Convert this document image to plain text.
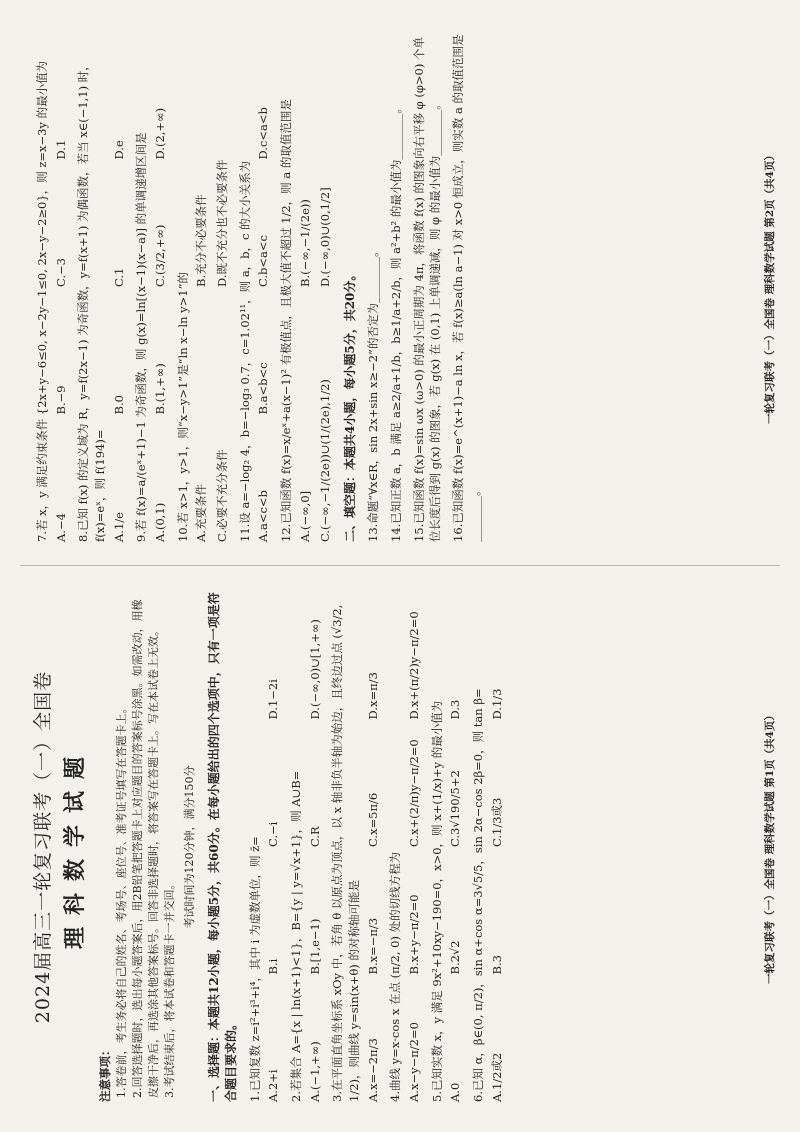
2024届高三一轮复习联考（一）全国卷 理科数学试题
注意事项： 1.答卷前，考生务必将自己的姓名、考场号、座位号、准考证号填写在答题卡上。 2.回答选择题时，选出每小题答案后，用2B铅笔把答题卡上对应题目的答案标号涂黑。如需改动，用橡皮擦干净后，再选涂其他答案标号。回答非选择题时，将答案写在答题卡上。写在本试卷上无效。 3.考试结束后，将本试卷和答题卡一并交回。
考试时间为120分钟，满分150分 一、选择题：本题共12小题，每小题5分，共60分。在每小题给出的四个选项中，只有一项是符合题目要求的。 1.已知复数 z=i²+i³+i⁴，其中 i 为虚数单位，则 z̄= A.2+i
B.i
C.−i
D.1−2i
2.若集合 A={x | ln(x+1)<1}，B={y | y=√x+1}，则 A∪B= A.(−1,+∞)
B.[1,e−1)
C.R
D.(−∞,0)∪[1,+∞) 3.在平面直角坐标系 xOy 中，若角 θ 以原点为顶点，以 x 轴非负半轴为始边，且终边过点 (√3/2, 1/2)，则曲线 y=sin(x+θ) 的对称轴可能是 A.x=−2π/3
B.x=−π/3
C.x=5π/6
D.x=π/3
4.曲线 y=x·cos x 在点 (π/2, 0) 处的切线方程为 A.x−y−π/2=0
B.x+y−π/2=0
C.x+(2/π)y−π/2=0
D.x+(π/2)y−π/2=0
5.已知实数 x，y 满足 9x²+10xy−190=0，x>0，则 x+(1/x)+y 的最小值为 A.0
B.2√2
C.3√190/5+2
D.3 6.已知 α，β∈(0, π/2)，sin α+cos α=3√5/5，sin 2α−cos 2β=0，则 tan β= A.1/2或2
B.3
C.1/3或3
D.1/3
一轮复习联考（一）全国卷 理科数学试题 第1页（共4页）
7.若 x，y 满足约束条件 {2x+y−6≤0, x−2y−1≤0, 2x−y−2≥0}，则 z=x−3y 的最小值为 A.−4
B.−9
C.−3
D.1 8.已知 f(x) 的定义域为 R，y=f(2x−1) 为奇函数，y=f(x+1) 为偶函数，若当 x∈(−1,1) 时，f(x)=eˣ，则 f(194)= A.1/e
B.0
C.1
D.e 9.若 f(x)=a/(eˣ+1)−1 为奇函数，则 g(x)=ln[(x−1)(x−a)] 的单调递增区间是 A.(0,1)
B.(1,+∞)
C.(3/2,+∞)
D.(2,+∞)
10.若 x>1，y>1，则“x−y>1”是“ln x−ln y>1”的 A.充要条件
B.充分不必要条件
C.必要不充分条件
D.既不充分也不必要条件 11.设 a=−log₂ 4，b=−log₃ 0.7，c=1.02¹¹，则 a，b，c 的大小关系为 A.a<c<b
B.a<b<c
C.b<a<c
D.c<a<b 12.已知函数 f(x)=x/eˣ+a(x−1)² 有极值点，且极大值不超过 1/2，则 a 的取值范围是 A.(−∞,0]
B.(−∞,−1/(2e))
C.(−∞,−1/(2e))∪(1/(2e),1/2)
D.(−∞,0)∪(0,1/2]
二、填空题：本题共4小题，每小题5分，共20分。 13.命题“∀x∈R，sin 2x+sin x≥−2”的否定为________。 14.已知正数 a，b 满足 a≥2/a+1/b，b≥1/a+2/b，则 a²+b² 的最小值为________。 15.已知函数 f(x)=sin ωx (ω>0) 的最小正周期为 4π，将函数 f(x) 的图象向右平移 φ (φ>0) 个单位长度后得到 g(x) 的图象，若 g(x) 在 (0,1) 上单调递减，则 φ 的最小值为________。 16.已知函数 f(x)=e^(x+1)−a ln x，若 f(x)≥a(ln a−1) 对 x>0 恒成立，则实数 a 的取值范围是________。
一轮复习联考（一）全国卷 理科数学试题 第2页（共4页）
